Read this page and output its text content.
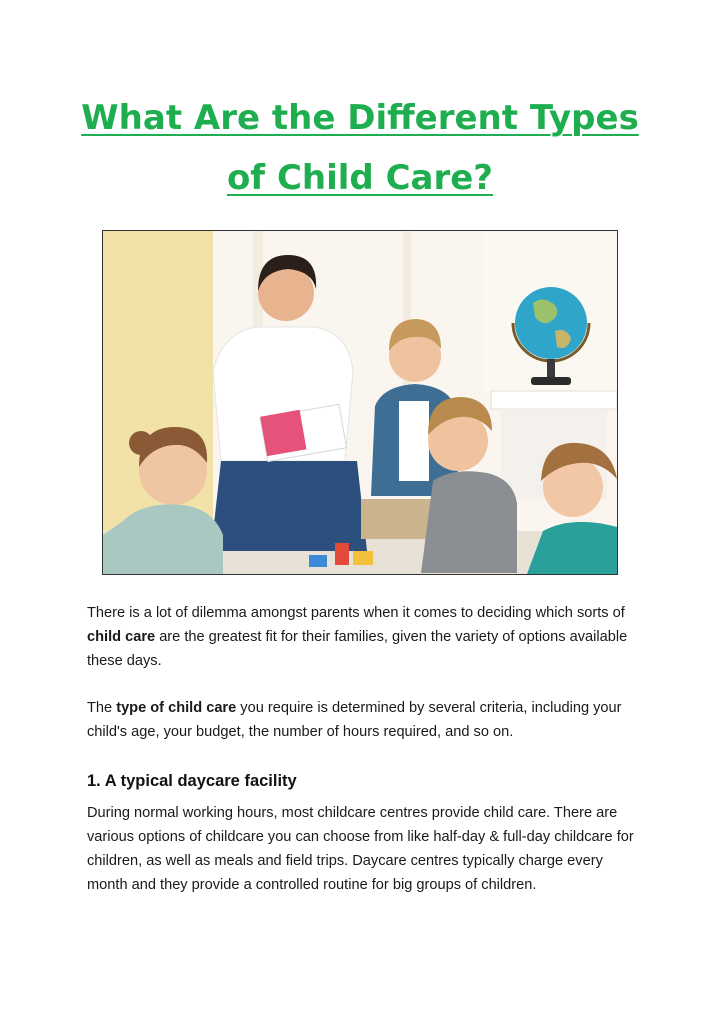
What Are the Different Types
of Child Care?

There is a lot of dilemma amongst parents when it comes to deciding which sorts of child care are the greatest fit for their families, given the variety of options available these days.

The type of child care you require is determined by several criteria, including your child's age, your budget, the number of hours required, and so on.

1. A typical daycare facility

During normal working hours, most childcare centres provide child care. There are various options of childcare you can choose from like half-day & full-day childcare for children, as well as meals and field trips. Daycare centres typically charge every month and they provide a controlled routine for big groups of children.
